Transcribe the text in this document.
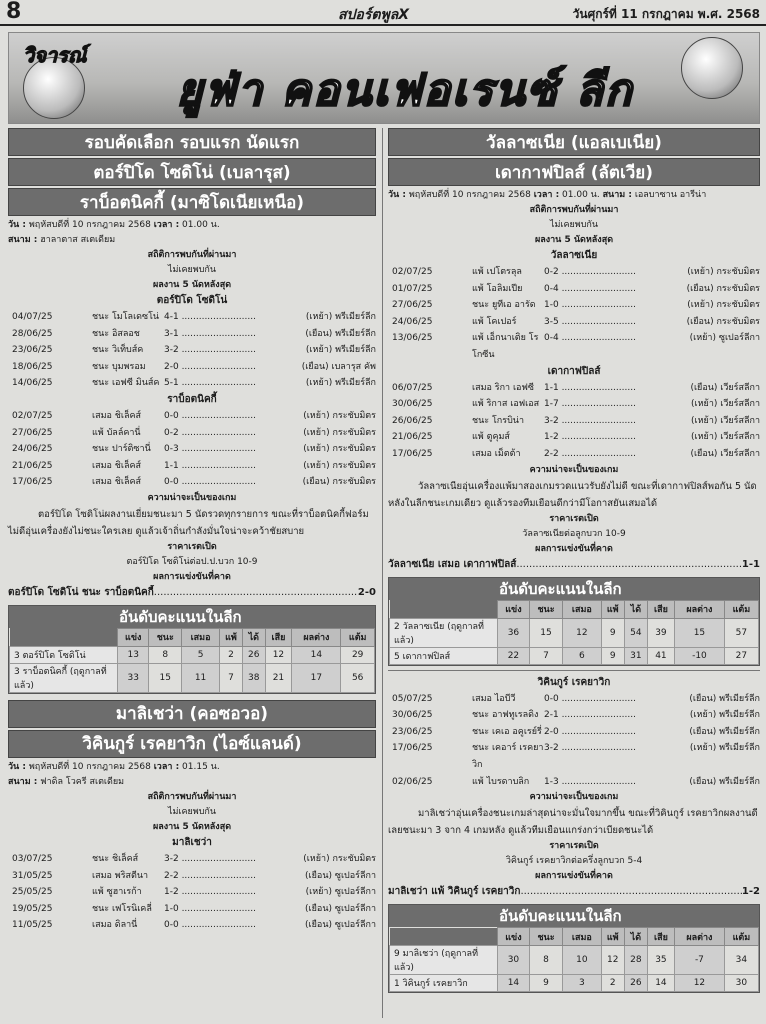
8	สปอร์ตพูลX	วันศุกร์ที่ 11 กรกฎาคม พ.ศ. 2568
วิจารณ์
ยูฟ่า คอนเฟอเรนซ์ ลีก
รอบคัดเลือก รอบแรก นัดแรก
ตอร์ปิโด โซดิโน่ (เบลารุส)
ราบ็อตนิคกี้ (มาซิโดเนียเหนือ)
วัน : พฤหัสบดีที่ 10 กรกฎาคม 2568 เวลา : 01.00 น.
สนาม : ฮาลาตาส สเตเดียม
สถิติการพบกันที่ผ่านมา
ไม่เคยพบกัน
ผลงาน 5 นัดหลังสุด
ตอร์ปิโด โซดิโน่
04/07/25	ชนะ โมโลเดซโน่ 4-1 .....	(เหย้า) พรีเมียร์ลีก
28/06/25	ชนะ อิสลอช	3-1 .....	(เยือน) พรีเมียร์ลีก
23/06/25	ชนะ วิเท็บส์ค	3-2 .....	(เหย้า) พรีเมียร์ลีก
18/06/25	ชนะ บุมพรอม	2-0 .....	(เยือน) เบลารุส คัพ
14/06/25	ชนะ เอฟซี มินส์ค 5-1 .....	(เหย้า) พรีเมียร์ลีก
ราบ็อตนิคกี้
02/07/25	เสมอ ชิเล็คส์	0-0 .....	(เหย้า) กระชับมิตร
27/06/25	แพ้ บัลล์คานี่	0-2 .....	(เหย้า) กระชับมิตร
24/06/25	ชนะ ปาร์ติซานี่	0-3 .....	(เหย้า) กระชับมิตร
21/06/25	เสมอ ชิเล็คส์	1-1 .....	(เหย้า) กระชับมิตร
17/06/25	เสมอ ชิเล็คส์	0-0 .....	(เยือน) กระชับมิตร
ความน่าจะเป็นของเกม
ตอร์ปิโด โซดิโน่ผลงานเยี่ยมชนะมา 5 นัดรวดทุกรายการ ขณะที่ราบ็อตนิคกี้ฟอร์มไม่ดีอุ่นเครื่องยังไม่ชนะใครเลย ดูแล้วเจ้าถิ่นกำลังมั่นใจน่าจะคว้าชัยสบาย
ราคาเรตเปิด
ตอร์ปิโด โซดิโน่ต่อป.ป.บวก 10-9
ผลการแข่งขันที่คาด
ตอร์ปิโด โซดิโน่ ชนะ ราบ็อตนิคกี้ .....	2-0
อันดับคะแนนในลีก
	แข่ง	ชนะ	เสมอ	แพ้	ได้	เสีย	ผลต่าง	แต้ม
3 ตอร์ปิโด โซดิโน่	13	8	5	2	26	12	14	29
3 ราบ็อตนิคกี้ (ฤดูกาลที่แล้ว)	33	15	11	7	38	21	17	56
มาลิเชว่า (คอซอวอ)
วิคินกูร์ เรคยาวิก (ไอซ์แลนด์)
วัน : พฤหัสบดีที่ 10 กรกฎาคม 2568 เวลา : 01.15 น.
สนาม : ฟาดิล โวครี สเตเดียม
สถิติการพบกันที่ผ่านมา
ไม่เคยพบกัน
ผลงาน 5 นัดหลังสุด
มาลิเชว่า
03/07/25	ชนะ ชิเล็คส์	3-2 .....	(เหย้า) กระชับมิตร
31/05/25	เสมอ พริสตีนา	2-2 .....	(เยือน) ซูเปอร์ลีกา
25/05/25	แพ้ ซูฮาเรก้า	1-2 .....	(เหย้า) ซูเปอร์ลีกา
19/05/25	ชนะ เฟโรนิเคลี่	1-0 .....	(เยือน) ซูเปอร์ลีกา
11/05/25	เสมอ ดิลานี่	0-0 .....	(เยือน) ซูเปอร์ลีกา
วัลลาซเนีย (แอลเบเนีย)
เดากาฟปิลส์ (ลัตเวีย)
วัน : พฤหัสบดีที่ 10 กรกฎาคม 2568 เวลา : 01.00 น. สนาม : เอลบาซาน อารีน่า
สถิติการพบกันที่ผ่านมา
ไม่เคยพบกัน
ผลงาน 5 นัดหลังสุด
วัลลาซเนีย
02/07/25	แพ้ เปโตรลุล	0-2 .....	(เหย้า) กระชับมิตร
01/07/25	แพ้ โอลิมเปีย	0-4 .....	(เยือน) กระชับมิตร
27/06/25	ชนะ ยูทีเอ อารัด 1-0 .....	(เหย้า) กระชับมิตร
24/06/25	แพ้ โคเปอร์	3-5 .....	(เยือน) กระชับมิตร
13/06/25	แพ้ เอ็กนาเติย โรโกซีน
0-4 .....	(เหย้า) ซูเปอร์ลีกา
เดากาฟปิลส์
06/07/25	เสมอ ริกา เอฟซี	1-1 .....	(เยือน) เวียร์สลีกา
30/06/25	แพ้ ริกาส เอฟเอส 1-7 .....	(เหย้า) เวียร์สลีกา
26/06/25	ชนะ โกรบิน่า	3-2 .....	(เหย้า) เวียร์สลีกา
21/06/25	แพ้ ตูคุมส์	1-2 .....	(เหย้า) เวียร์สลีกา
17/06/25	เสมอ เม็ตต้า	2-2 .....	(เยือน) เวียร์สลีกา
ความน่าจะเป็นของเกม
วัลลาซเนียอุ่นเครื่องแพ้มาสองเกมรวดแนวรับยังไม่ดี ขณะที่เดากาฟปิลส์พอกัน 5 นัดหลังในลีกชนะเกมเดียว ดูแล้วรองทีมเยือนดีกว่ามีโอกาสยันเสมอได้
ราคาเรตเปิด
วัลลาซเนียต่อลูกบวก 10-9
ผลการแข่งขันที่คาด
วัลลาซเนีย เสมอ เดากาฟปิลส์ .....	1-1
อันดับคะแนนในลีก
	แข่ง	ชนะ	เสมอ	แพ้	ได้	เสีย	ผลต่าง	แต้ม
2 วัลลาซเนีย (ฤดูกาลที่แล้ว)	36	15	12	9	54	39	15	57
5 เดากาฟปิลส์	22	7	6	9	31	41	-10	27
วิคินกูร์ เรคยาวิก
05/07/25	เสมอ ไอบีวี	0-0 .....	(เยือน) พรีเมียร์ลีก
30/06/25	ชนะ อาฟทูเรลดิง 2-1 .....	(เหย้า) พรีเมียร์ลีก
23/06/25	ชนะ เคเอ อคูเรย์รี่ 2-0 .....	(เยือน) พรีเมียร์ลีก
17/06/25	ชนะ เคอาร์ เรคยาวิก
3-2 .....	(เหย้า) พรีเมียร์ลีก
02/06/25	แพ้ ไบรดาบลิก	1-3 .....	(เยือน) พรีเมียร์ลีก
ความน่าจะเป็นของเกม
มาลิเชว่าอุ่นเครื่องชนะเกมล่าสุดน่าจะมั่นใจมากขึ้น ขณะที่วิคินกูร์ เรคยาวิกผลงานดีเลยชนะมา 3 จาก 4 เกมหลัง ดูแล้วทีมเยือนแกร่งกว่าเบียดชนะได้
ราคาเรตเปิด
วิคินกูร์ เรคยาวิกต่อครึ่งลูกบวก 5-4
ผลการแข่งขันที่คาด
มาลิเชว่า แพ้ วิคินกูร์ เรคยาวิก .....	1-2
อันดับคะแนนในลีก
	แข่ง	ชนะ	เสมอ	แพ้	ได้	เสีย	ผลต่าง	แต้ม
9 มาลิเชว่า (ฤดูกาลที่แล้ว)	30	8	10	12	28	35	-7	34
1 วิคินกูร์ เรคยาวิก	14	9	3	2	26	14	12	30
